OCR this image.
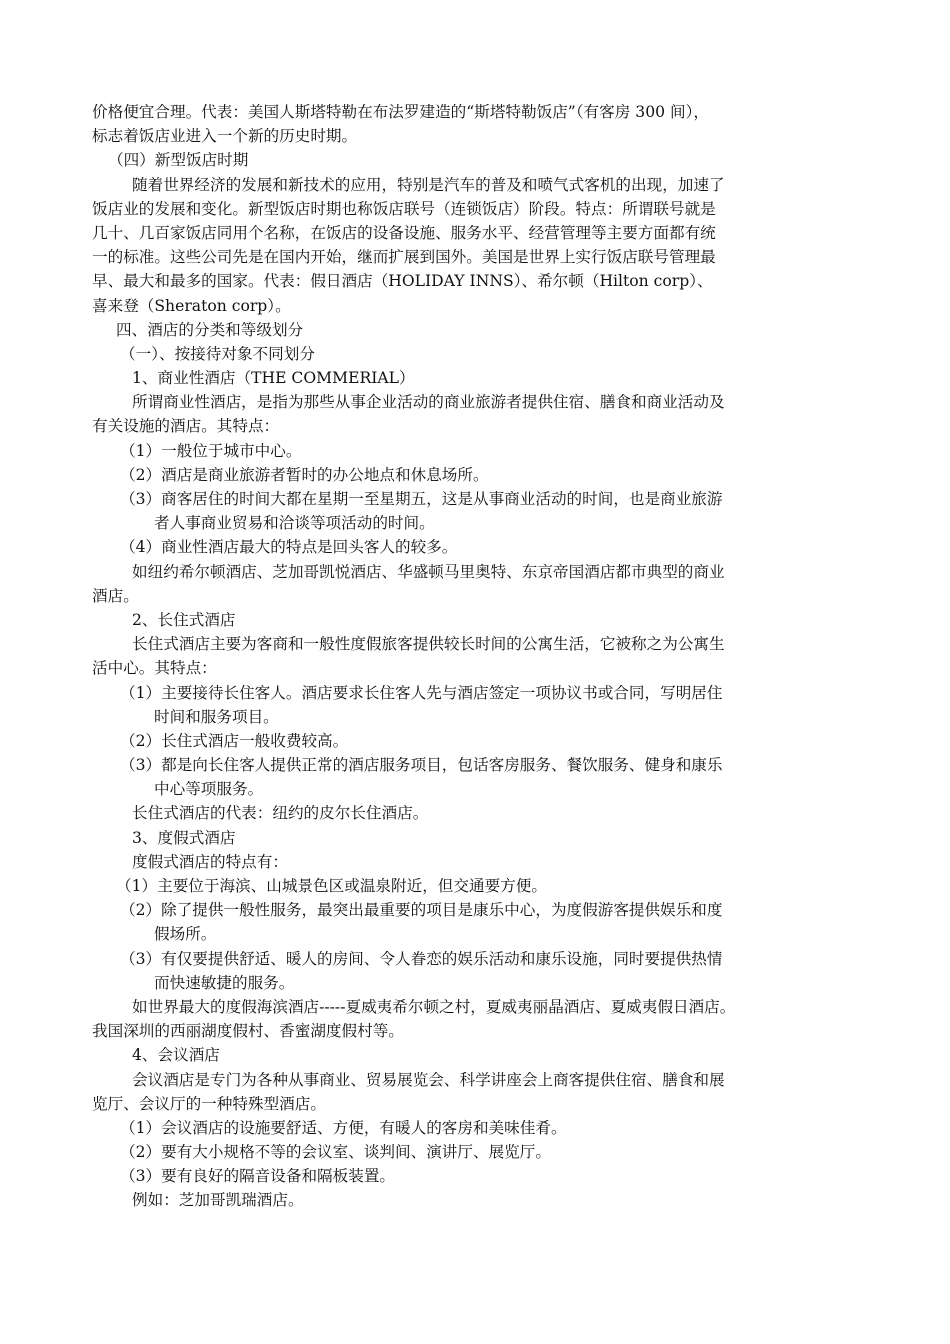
价格便宜合理。代表：美国人斯塔特勒在布法罗建造的“斯塔特勒饭店”（有客房 300 间），
标志着饭店业进入一个新的历史时期。
（四）新型饭店时期
随着世界经济的发展和新技术的应用，特别是汽车的普及和喷气式客机的出现，加速了
饭店业的发展和变化。新型饭店时期也称饭店联号（连锁饭店）阶段。特点：所谓联号就是
几十、几百家饭店同用个名称，在饭店的设备设施、服务水平、经营管理等主要方面都有统
一的标准。这些公司先是在国内开始，继而扩展到国外。美国是世界上实行饭店联号管理最
早、最大和最多的国家。代表：假日酒店（HOLIDAY INNS）、希尔顿（Hilton corp）、
喜来登（Sheraton corp）。
四、酒店的分类和等级划分
（一）、按接待对象不同划分
1、商业性酒店（THE COMMERIAL）
所谓商业性酒店，是指为那些从事企业活动的商业旅游者提供住宿、膳食和商业活动及
有关设施的酒店。其特点：
（1）一般位于城市中心。
（2）酒店是商业旅游者暂时的办公地点和休息场所。
（3）商客居住的时间大都在星期一至星期五，这是从事商业活动的时间，也是商业旅游
者人事商业贸易和洽谈等项活动的时间。
（4）商业性酒店最大的特点是回头客人的较多。
如纽约希尔顿酒店、芝加哥凯悦酒店、华盛顿马里奥特、东京帝国酒店都市典型的商业
酒店。
2、长住式酒店
长住式酒店主要为客商和一般性度假旅客提供较长时间的公寓生活，它被称之为公寓生
活中心。其特点：
（1）主要接待长住客人。酒店要求长住客人先与酒店签定一项协议书或合同，写明居住
时间和服务项目。
（2）长住式酒店一般收费较高。
（3）都是向长住客人提供正常的酒店服务项目，包话客房服务、餐饮服务、健身和康乐
中心等项服务。
长住式酒店的代表：纽约的皮尔长住酒店。
3、度假式酒店
度假式酒店的特点有：
（1）主要位于海滨、山城景色区或温泉附近，但交通要方便。
（2）除了提供一般性服务，最突出最重要的项目是康乐中心，为度假游客提供娱乐和度
假场所。
（3）有仅要提供舒适、暖人的房间、令人眷恋的娱乐活动和康乐设施，同时要提供热情
而快速敏捷的服务。
如世界最大的度假海滨酒店-----夏威夷希尔顿之村，夏威夷丽晶酒店、夏威夷假日酒店。
我国深圳的西丽湖度假村、香蜜湖度假村等。
4、会议酒店
会议酒店是专门为各种从事商业、贸易展览会、科学讲座会上商客提供住宿、膳食和展
览厅、会议厅的一种特殊型酒店。
（1）会议酒店的设施要舒适、方便，有暖人的客房和美味佳肴。
（2）要有大小规格不等的会议室、谈判间、演讲厅、展览厅。
（3）要有良好的隔音设备和隔板装置。
例如：芝加哥凯瑞酒店。
